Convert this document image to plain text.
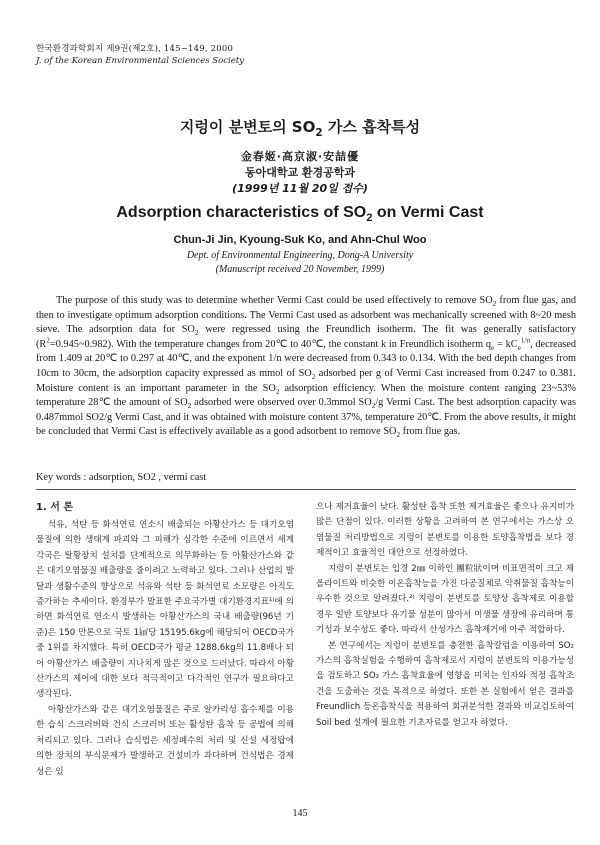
한국환경과학회지 제9권(제2호), 145~149, 2000
J. of the Korean Environmental Sciences Society
지렁이 분변토의 $SO_2$ 가스 흡착특성
金春姬·高京淑·安喆優
동아대학교 환경공학과
(1999년 11월 20일 접수)
Adsorption characteristics of $SO_2$ on Vermi Cast
Chun-Ji Jin, Kyoung-Suk Ko, and Ahn-Chul Woo
Dept. of Environmental Engineering, Dong-A University
(Manuscript received 20 November, 1999)
The purpose of this study was to determine whether Vermi Cast could be used effectively to remove $SO_2$ from flue gas, and then to investigate optimum adsorption conditions. The Vermi Cast used as adsorbent was mechanically screened with 8~20 mesh sieve. The adsorption data for $SO_2$ were regressed using the Freundlich isotherm. The fit was generally satisfactory $(R^2=0.945\sim 0.982)$. With the temperature changes from 20℃ to 40℃, the constant k in Freundlich isotherm $q_e = kC_e^{1/n}$, decreased from 1.409 at 20℃ to 0.297 at 40℃, and the exponent 1/n were decreased from 0.343 to 0.134. With the bed depth changes from 10cm to 30cm, the adsorption capacity expressed as mmol of $SO_2$ adsorbed per g of Vermi Cast increased from 0.247 to 0.381. Moisture content is an important parameter in the $SO_2$ adsorption efficiency. When the moisture content ranging 23~53% temperature 28℃ the amount of $SO_2$ adsorbed were observed over 0.3mmol $SO_2/g$ Vermi Cast. The best adsorption capacity was 0.487mmol SO2/g Vermi Cast, and it was obtained with moisture content 37%, temperature 20℃. From the above results, it might be concluded that Vermi Cast is effectively available as a good adsorbent to remove $SO_2$ from flue gas.
Key words : adsorption, SO2 , vermi cast
1. 서 론

석유, 석탄 등 화석연료 연소시 배출되는 아황산가스 등 대기오염물질에 의한 생태계 파괴와 그 피해가 심각한 수준에 이르면서 세계 각국은 탈황장치 설치를 단계적으로 의무화하는 등 아황산가스와 같은 대기오염물질 배출량을 줄이려고 노력하고 있다. 그러나 산업의 발달과 생활수준의 향상으로 석유와 석탄 등 화석연료 소모량은 아직도 증가하는 추세이다. 환경부가 발표한 주요국가별 대기환경지표¹⁾에 의하면 화석연료 연소시 발생하는 아황산가스의 국내 배출량(96년 기준)은 150 만톤으로 국토 1㎢당 15195.6kg에 해당되어 OECD국가 중 1위를 차지했다. 특히 OECD국가 평균 1288.6kg의 11.8배나 되어 아황산가스 배출량이 지나치게 많은 것으로 드러났다. 따라서 아황산가스의 제어에 대한 보다 적극적이고 다각적인 연구가 필요하다고 생각된다.

아황산가스와 같은 대기오염물질은 주로 알카리성 흡수제를 이용한 습식 스크러버와 건식 스크러버 또는 활성탄 흡착 등 공법에 의해 처리되고 있다. 그러나 습식법은 세정폐수의 처리 및 신설 세정탑에 의한 장치의 부식문제가 발생하고 건설비가 과다하며 건식법은 경제성은 있

으나 제거효율이 낮다. 활성탄 흡착 또한 제거효율은 좋으나 유지비가 많은 단점이 있다. 이러한 상황을 고려하여 본 연구에서는 가스상 오염물질 처리방법으로 지렁이 분변토를 이용한 토양흡착법을 보다 경제적이고 효율적인 대안으로 선정하였다.

지렁이 분변토는 입경 2㎜ 이하인 團粒狀이며 비표면적이 크고 제올라이트와 비슷한 이온흡착능을 가진 다공질체로 악취물질 흡착능이 우수한 것으로 알려졌다.²⁾ 지렁이 분변토를 토양상 흡착제로 이용할 경우 일반 토양보다 유기물 성분이 많아서 미생물 생장에 유리하며 통기성과 보수성도 좋다. 따라서 산성가스 흡착제거에 아주 적합하다.

본 연구에서는 지렁이 분변토를 충전한 흡착칼럼을 이용하여 SO₂ 가스의 흡착실험을 수행하여 흡착제로서 지렁이 분변토의 이용가능성을 검토하고 SO₂ 가스 흡착효율에 영향을 미치는 인자와 적정 흡착조건을 도출하는 것을 목적으로 하였다. 또한 본 실험에서 얻은 결과를 Freundlich 등온흡착식을 적용하여 회귀분석한 결과와 비교검토하여 Soil bed 설계에 필요한 기초자료를 얻고자 하였다.

145
